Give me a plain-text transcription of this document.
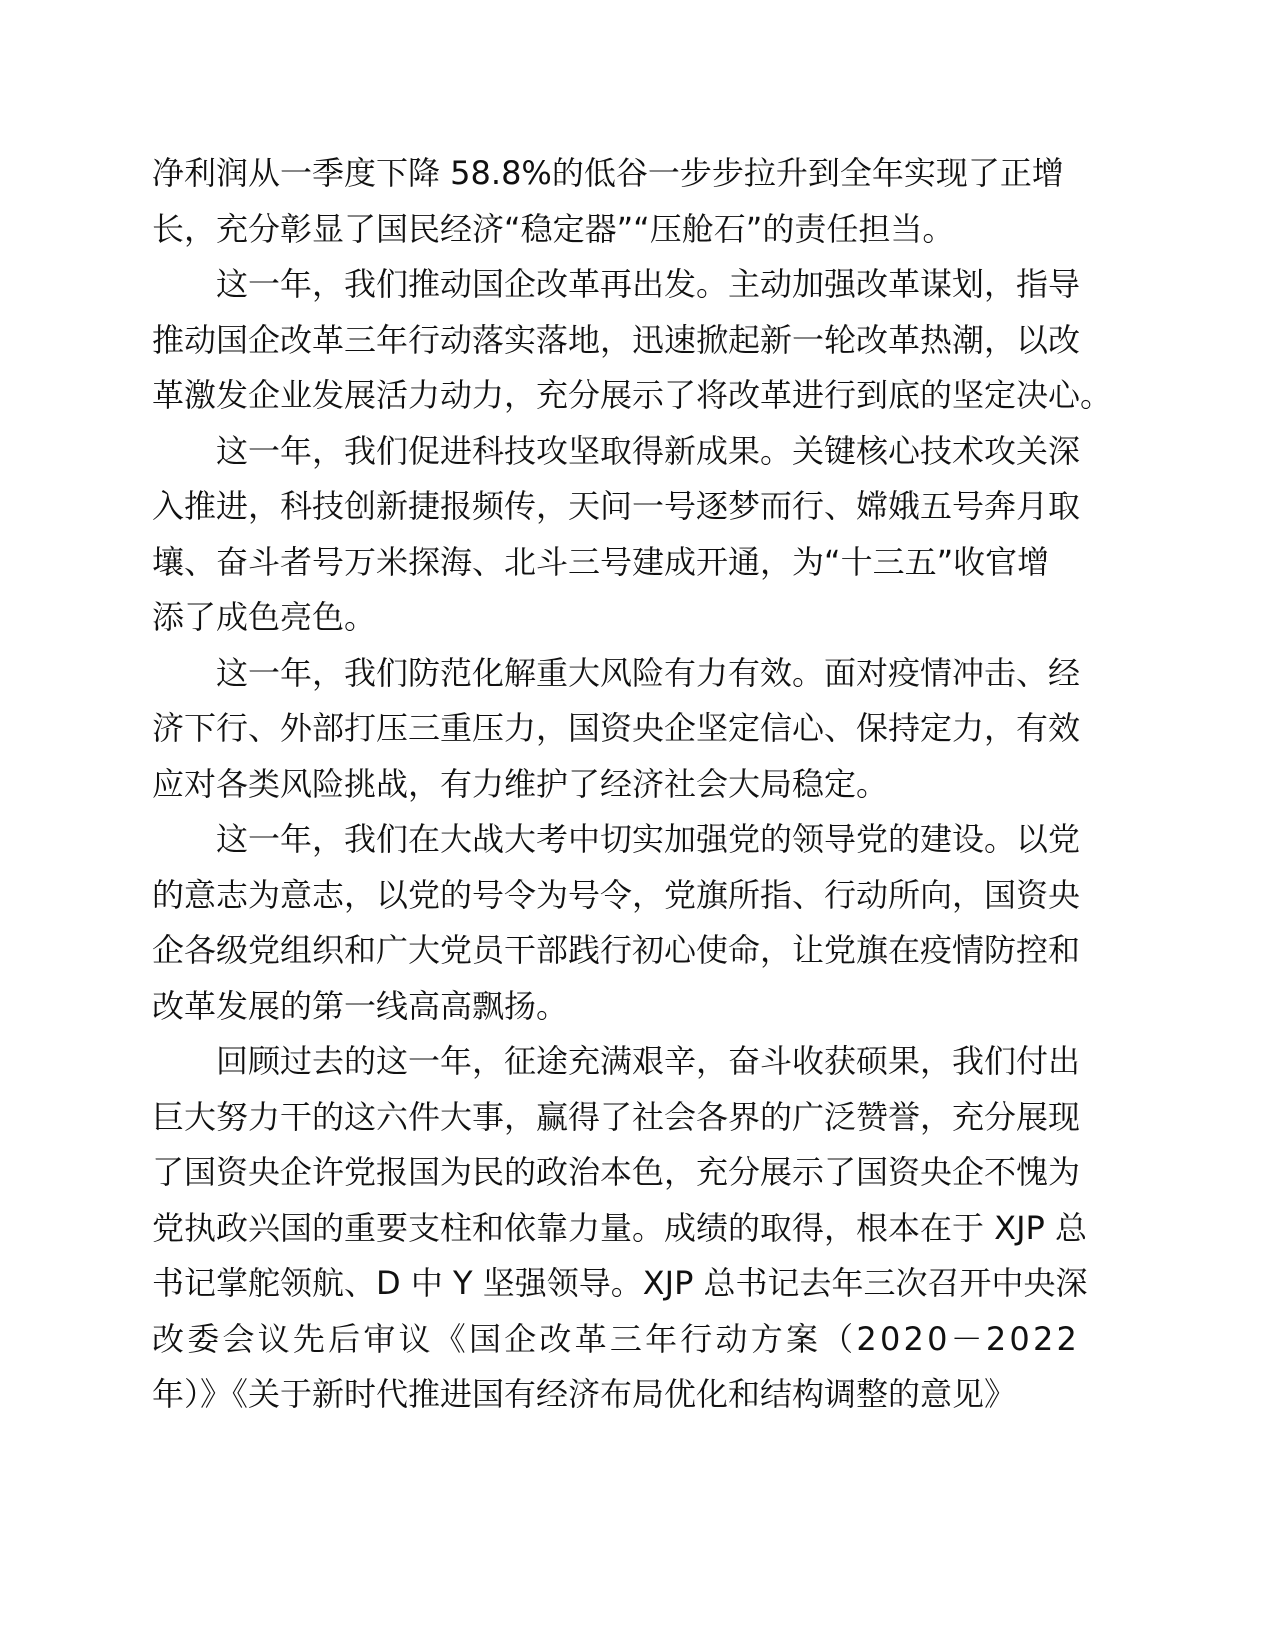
净利润从一季度下降 58.8%的低谷一步步拉升到全年实现了正增
长，充分彰显了国民经济“稳定器”“压舱石”的责任担当。
这一年，我们推动国企改革再出发。主动加强改革谋划，指导
推动国企改革三年行动落实落地，迅速掀起新一轮改革热潮，以改
革激发企业发展活力动力，充分展示了将改革进行到底的坚定决心。
这一年，我们促进科技攻坚取得新成果。关键核心技术攻关深
入推进，科技创新捷报频传，天问一号逐梦而行、嫦娥五号奔月取
壤、奋斗者号万米探海、北斗三号建成开通，为“十三五”收官增
添了成色亮色。
这一年，我们防范化解重大风险有力有效。面对疫情冲击、经
济下行、外部打压三重压力，国资央企坚定信心、保持定力，有效
应对各类风险挑战，有力维护了经济社会大局稳定。
这一年，我们在大战大考中切实加强党的领导党的建设。以党
的意志为意志，以党的号令为号令，党旗所指、行动所向，国资央
企各级党组织和广大党员干部践行初心使命，让党旗在疫情防控和
改革发展的第一线高高飘扬。
回顾过去的这一年，征途充满艰辛，奋斗收获硕果，我们付出
巨大努力干的这六件大事，赢得了社会各界的广泛赞誉，充分展现
了国资央企许党报国为民的政治本色，充分展示了国资央企不愧为
党执政兴国的重要支柱和依靠力量。成绩的取得，根本在于 XJP 总
书记掌舵领航、D 中 Y 坚强领导。XJP 总书记去年三次召开中央深
改 委 会 议 先 后 审 议 《 国 企 改 革 三 年 行 动 方 案 （ 2 0 2 0 － 2 0 2 2
年）》《关于新时代推进国有经济布局优化和结构调整的意见》
